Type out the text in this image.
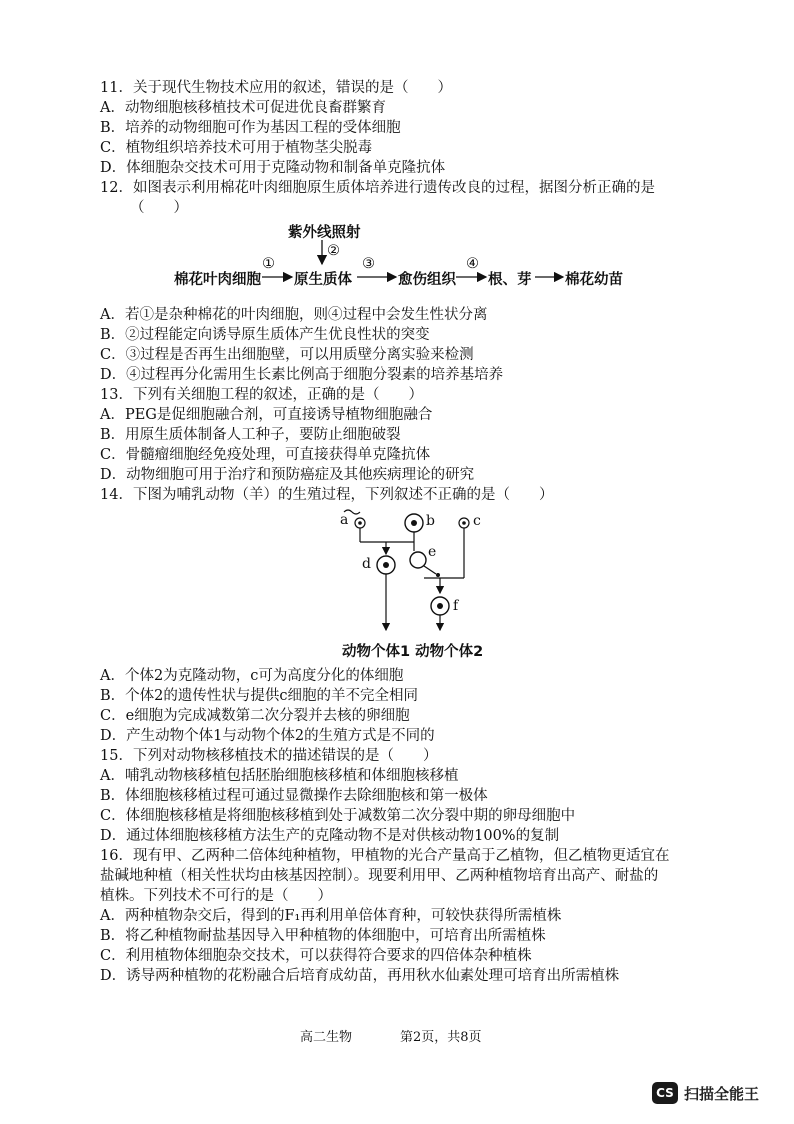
11．关于现代生物技术应用的叙述，错误的是（　　）
A．动物细胞核移植技术可促进优良畜群繁育
B．培养的动物细胞可作为基因工程的受体细胞
C．植物组织培养技术可用于植物茎尖脱毒
D．体细胞杂交技术可用于克隆动物和制备单克隆抗体
12．如图表示利用棉花叶肉细胞原生质体培养进行遗传改良的过程，据图分析正确的是
（　　）
紫外线照射
②
棉花叶肉细胞
①
原生质体
③
愈伤组织
④
根、芽 棉花幼苗
A．若①是杂种棉花的叶肉细胞，则④过程中会发生性状分离
B．②过程能定向诱导原生质体产生优良性状的突变
C．③过程是否再生出细胞壁，可以用质壁分离实验来检测
D．④过程再分化需用生长素比例高于细胞分裂素的培养基培养
13．下列有关细胞工程的叙述，正确的是（　　）
A．PEG是促细胞融合剂，可直接诱导植物细胞融合
B．用原生质体制备人工种子，要防止细胞破裂
C．骨髓瘤细胞经免疫处理，可直接获得单克隆抗体
D．动物细胞可用于治疗和预防癌症及其他疾病理论的研究
14．下图为哺乳动物（羊）的生殖过程，下列叙述不正确的是（　　）
a	b	c
d
e
f
动物个体1 动物个体2
A．个体2为克隆动物，c可为高度分化的体细胞
B．个体2的遗传性状与提供c细胞的羊不完全相同
C．e细胞为完成减数第二次分裂并去核的卵细胞
D．产生动物个体1与动物个体2的生殖方式是不同的
15．下列对动物核移植技术的描述错误的是（　　）
A．哺乳动物核移植包括胚胎细胞核移植和体细胞核移植
B．体细胞核移植过程可通过显微操作去除细胞核和第一极体
C．体细胞核移植是将细胞核移植到处于减数第二次分裂中期的卵母细胞中
D．通过体细胞核移植方法生产的克隆动物不是对供核动物100%的复制
16．现有甲、乙两种二倍体纯种植物，甲植物的光合产量高于乙植物，但乙植物更适宜在
盐碱地种植（相关性状均由核基因控制）。现要利用甲、乙两种植物培育出高产、耐盐的
植株。下列技术不可行的是（　　）
A．两种植物杂交后，得到的F₁再利用单倍体育种，可较快获得所需植株
B．将乙种植物耐盐基因导入甲种植物的体细胞中，可培育出所需植株
C．利用植物体细胞杂交技术，可以获得符合要求的四倍体杂种植株
D．诱导两种植物的花粉融合后培育成幼苗，再用秋水仙素处理可培育出所需植株
高二生物	第2页，共8页
CS 扫描全能王
